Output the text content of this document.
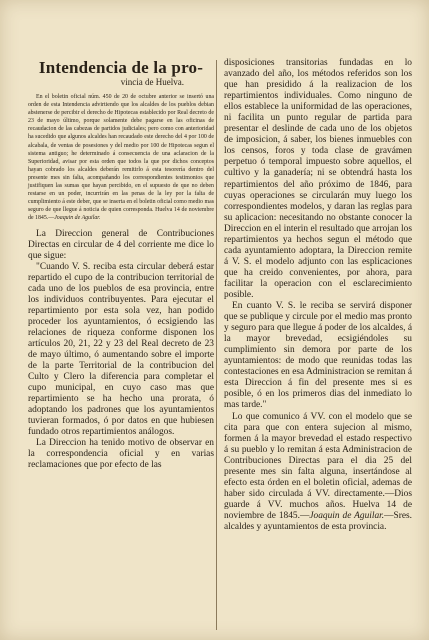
Intendencia de la pro-
vincia de Huelva.

En el boletin oficial núm. 450 de 20 de octubre anterior se insertó una orden de esta Intendencia advirtiendo que los alcaldes de los pueblos debian abstenerse de percibir el derecho de Hipotecas establecido por Real decreto de 23 de mayo último, porque solamente debe pagarse en las oficinas de recaudacion de las cabezas de partidos judiciales; pero como con anterioridad ha sucedido que algunos alcaldes han recaudado este derecho del 4 por 100 de alcabala, de ventas de posesiones y del medio por 100 de Hipotecas segun el sistema antiguo; he determinado á consecuencia de una aclaracion de la Superioridad, avisar por esta orden que todos la que por dichos conceptos hayan cobrado los alcaldes deberán remitirlo á esta tesorería dentro del presente mes sin falta, acompañando los correspondientes testimonios que justifiquen las sumas que hayan percibido, en el supuesto de que no deben restarse en un poder, incurrirán en las penas de la ley por la falta de cumplimiento á este deber, que se inserta en el boletin oficial como medio mas seguro de que llegue á noticia de quien corresponda. Huelva 14 de noviembre de 1845.—Joaquin de Aguilar.

La Direccion general de Contribuciones Directas en circular de 4 del corriente me dice lo que sigue:

"Cuando V. S. reciba esta circular deberá estar repartido el cupo de la contribucion territorial de cada uno de los pueblos de esa provincia, entre los individuos contribuyentes. Para ejecutar el repartimiento por esta sola vez, han podido proceder los ayuntamientos, ó ecsigiendo las relaciones de riqueza conforme disponen los artículos 20, 21, 22 y 23 del Real decreto de 23 de mayo último, ó aumentando sobre el importe de la parte Territorial de la contribucion del Culto y Clero la diferencia para completar el cupo municipal, en cuyo caso mas que repartimiento se ha hecho una prorata, ó adoptando los padrones que los ayuntamientos tuvieran formados, ó por datos en que hubiesen fundado otros repartimientos análogos.

La Direccion ha tenido motivo de observar en la correspondencia oficial y en varias reclamaciones que por efecto de las

disposiciones transitorias fundadas en lo avanzado del año, los métodos referidos son los que han presidido á la realizacion de los repartimientos individuales. Como ninguno de ellos establece la uniformidad de las operaciones, ni facilita un punto regular de partida para presentar el deslinde de cada uno de los objetos de imposicion, á saber, los bienes inmuebles con los censos, foros y toda clase de gravámen perpetuo ó temporal impuesto sobre aquellos, el cultivo y la ganadería; ni se obtendrá hasta los repartimientos del año próximo de 1846, para cuyas operaciones se circularán muy luego los correspondientes modelos, y daran las reglas para su aplicacion: necesitando no obstante conocer la Direccion en el interin el resultado que arrojan los repartimientos ya hechos segun el método que cada ayuntamiento adoptara, la Direccion remite á V. S. el modelo adjunto con las esplicaciones que ha creido convenientes, por ahora, para facilitar la operacion con el esclarecimiento posible.

En cuanto V. S. le reciba se servirá disponer que se publique y circule por el medio mas pronto y seguro para que llegue á poder de los alcaldes, á la mayor brevedad, ecsigiéndoles su cumplimiento sin demora por parte de los ayuntamientos: de modo que reunidas todas las contestaciones en esa Administracion se remitan á esta Direccion á fin del presente mes si es posible, ó en los primeros dias del inmediato lo mas tarde."

Lo que comunico á VV. con el modelo que se cita para que con entera sujecion al mismo, formen á la mayor brevedad el estado respectivo á su pueblo y lo remitan á esta Administracion de Contribuciones Directas para el dia 25 del presente mes sin falta alguna, insertándose al efecto esta órden en el boletin oficial, ademas de haber sido circulada á VV. directamente.—Dios guarde á VV. muchos años. Huelva 14 de noviembre de 1845.—Joaquin de Aguilar.—Sres. alcaldes y ayuntamientos de esta provincia.
